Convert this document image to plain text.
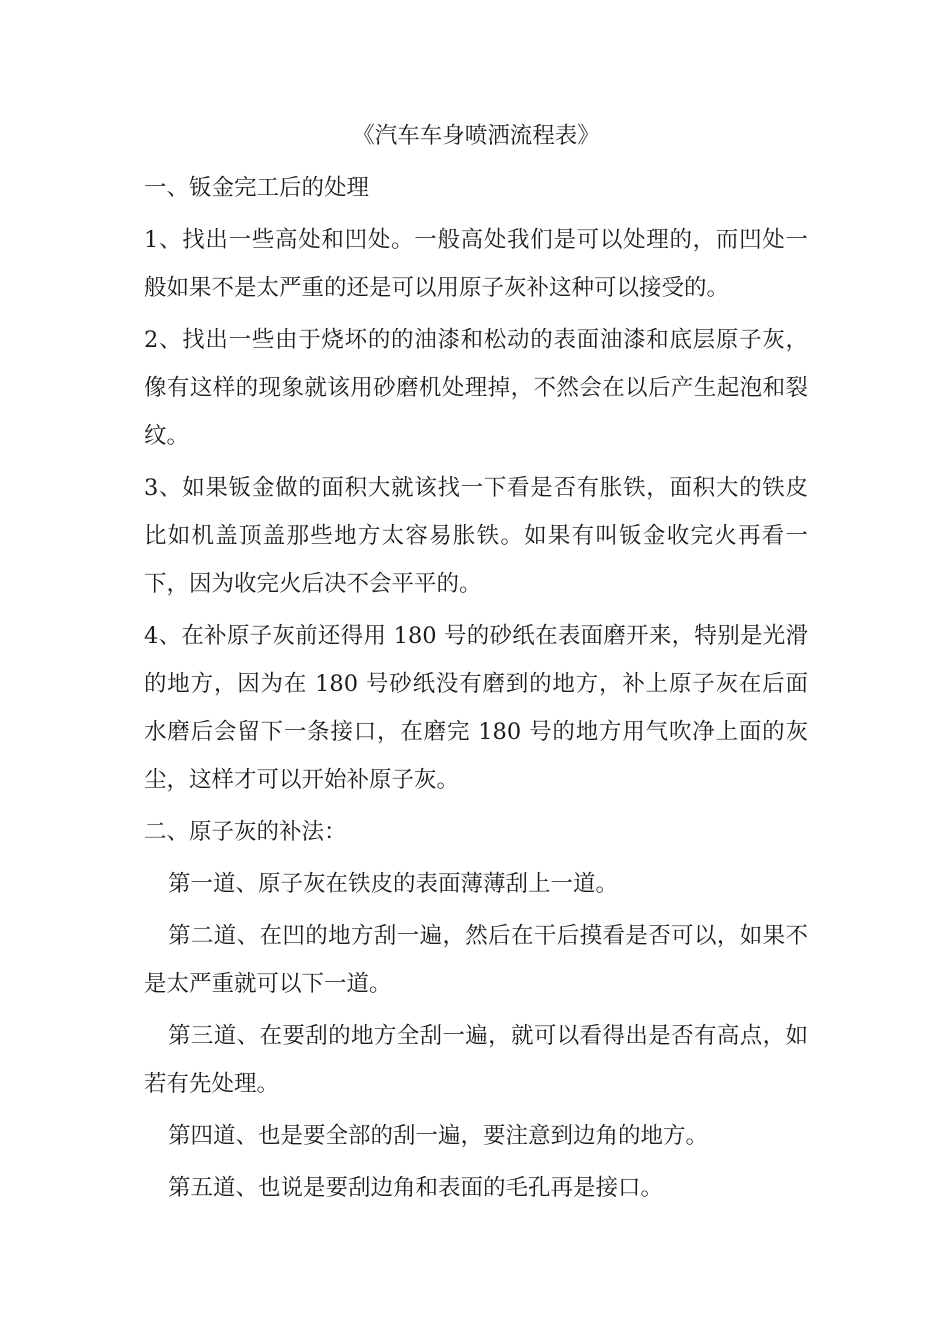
《汽车车身喷洒流程表》
一、钣金完工后的处理

1、找出一些高处和凹处。一般高处我们是可以处理的，而凹处一般如果不是太严重的还是可以用原子灰补这种可以接受的。

2、找出一些由于烧坏的的油漆和松动的表面油漆和底层原子灰，像有这样的现象就该用砂磨机处理掉，不然会在以后产生起泡和裂纹。

3、如果钣金做的面积大就该找一下看是否有胀铁，面积大的铁皮比如机盖顶盖那些地方太容易胀铁。如果有叫钣金收完火再看一下，因为收完火后决不会平平的。

4、在补原子灰前还得用 180 号的砂纸在表面磨开来，特别是光滑的地方，因为在 180 号砂纸没有磨到的地方，补上原子灰在后面水磨后会留下一条接口，在磨完 180 号的地方用气吹净上面的灰尘，这样才可以开始补原子灰。

二、原子灰的补法：

第一道、原子灰在铁皮的表面薄薄刮上一道。

第二道、在凹的地方刮一遍，然后在干后摸看是否可以，如果不是太严重就可以下一道。

第三道、在要刮的地方全刮一遍，就可以看得出是否有高点，如若有先处理。

第四道、也是要全部的刮一遍，要注意到边角的地方。

第五道、也说是要刮边角和表面的毛孔再是接口。
